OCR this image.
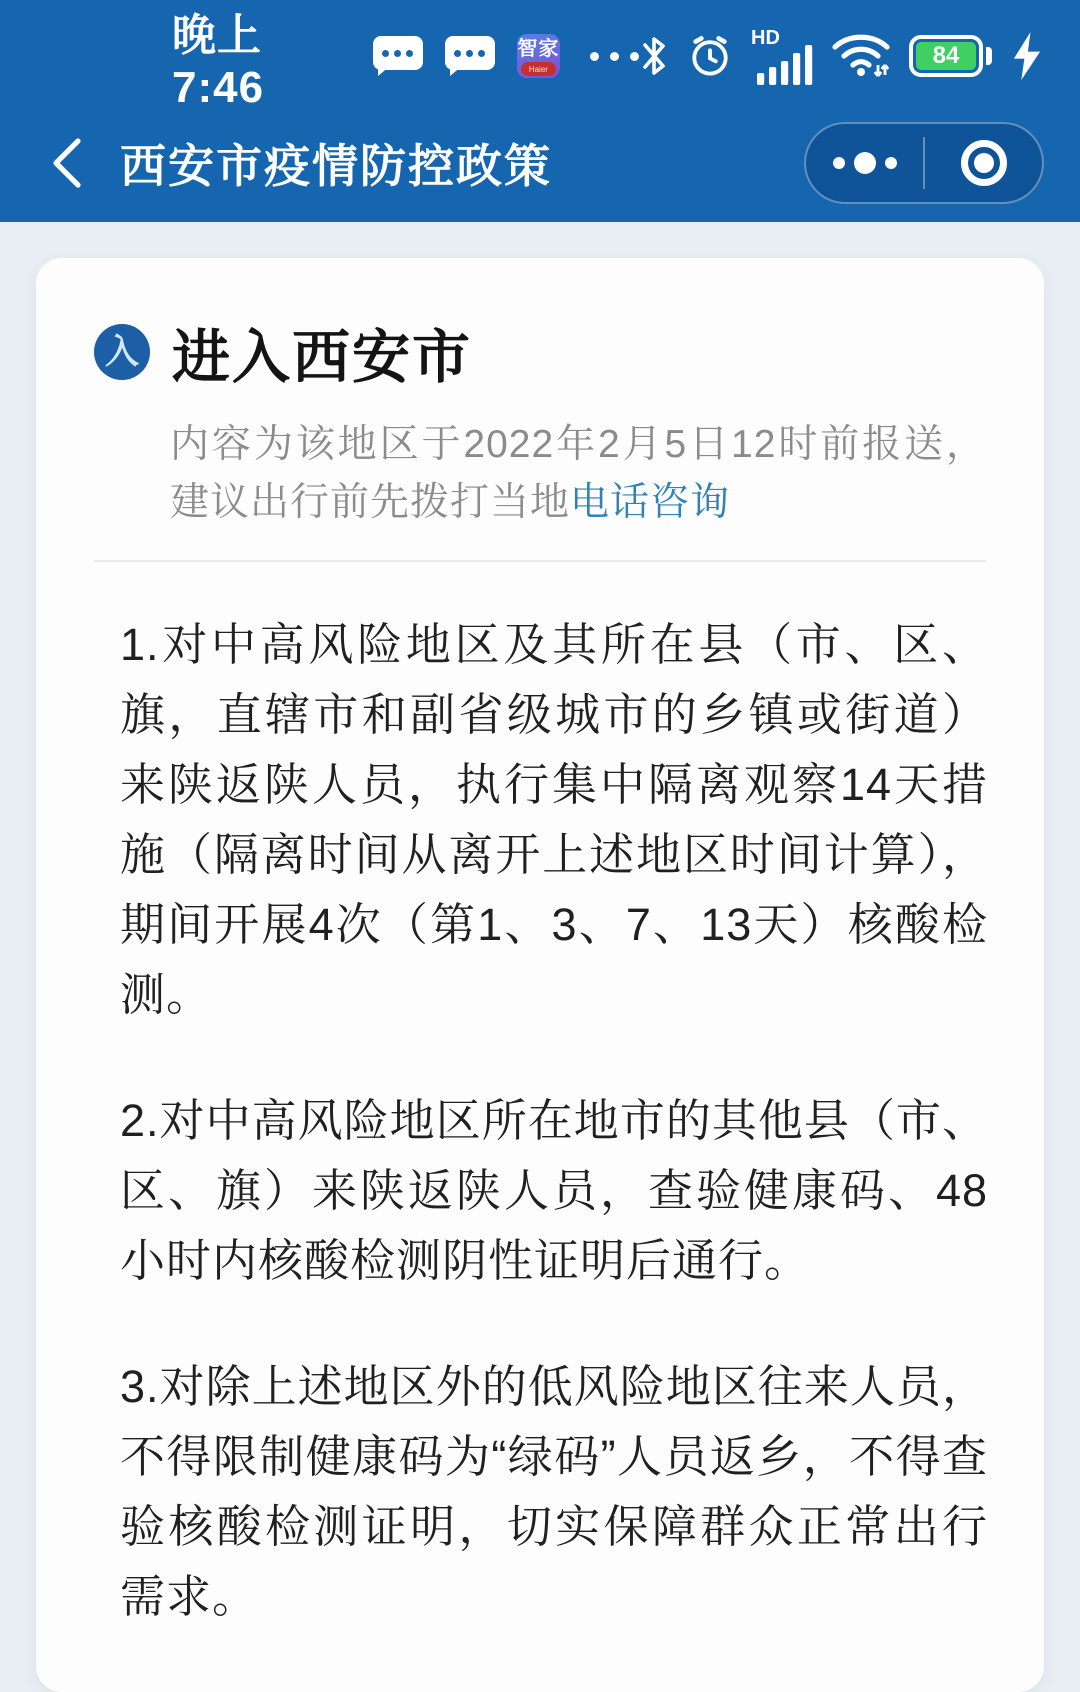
晚上7:46
智家
Haier
HD
84
西安市疫情防控政策
入 进入西安市

内容为该地区于2022年2月5日12时前报送，建议出行前先拨打当地电话咨询

1.对中高风险地区及其所在县（市、区、旗，直辖市和副省级城市的乡镇或街道）来陕返陕人员，执行集中隔离观察14天措施（隔离时间从离开上述地区时间计算），期间开展4次（第1、3、7、13天）核酸检测。

2.对中高风险地区所在地市的其他县（市、区、旗）来陕返陕人员，查验健康码、48小时内核酸检测阴性证明后通行。

3.对除上述地区外的低风险地区往来人员，不得限制健康码为“绿码”人员返乡，不得查验核酸检测证明，切实保障群众正常出行需求。
